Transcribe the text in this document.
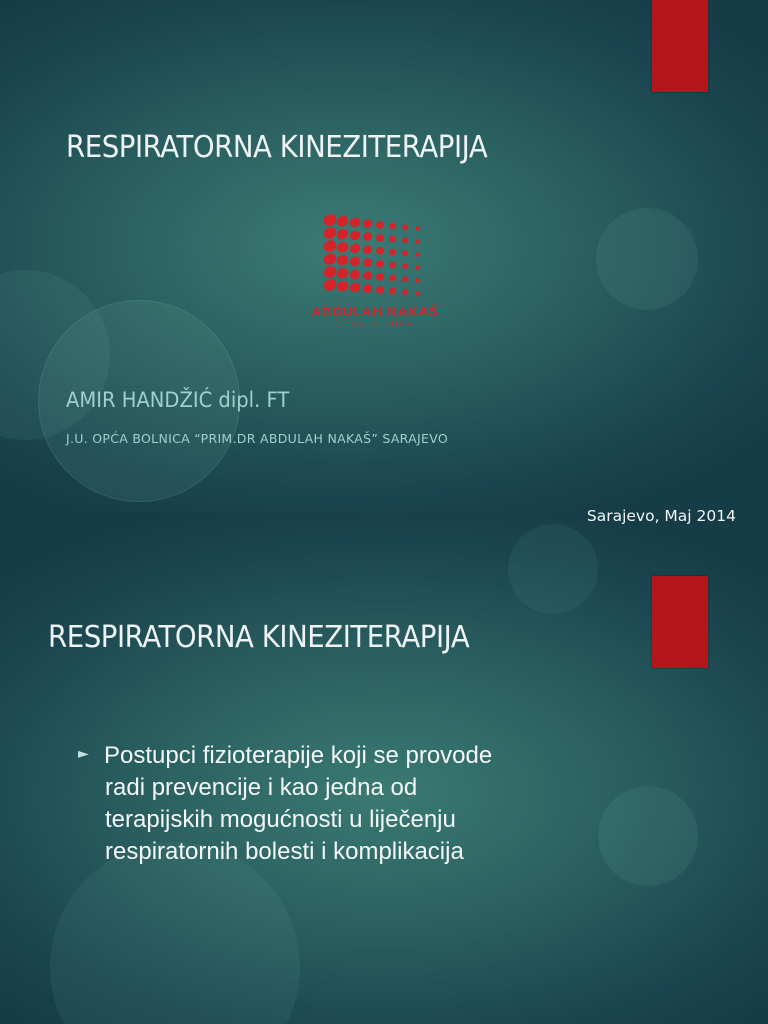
RESPIRATORNA KINEZITERAPIJA
ABDULAH NAKAŠ
OPĆA BOLNICA
AMIR HANDŽIĆ dipl. FT
J.U. OPĆA BOLNICA “PRIM.DR ABDULAH NAKAŠ” SARAJEVO
RESPIRATORNA KINEZITERAPIJA
► Postupci fizioterapije koji se provode
radi prevencije i kao jedna od
terapijskih mogućnosti u liječenju
respiratornih bolesti i komplikacija
Sarajevo, Maj 2014
